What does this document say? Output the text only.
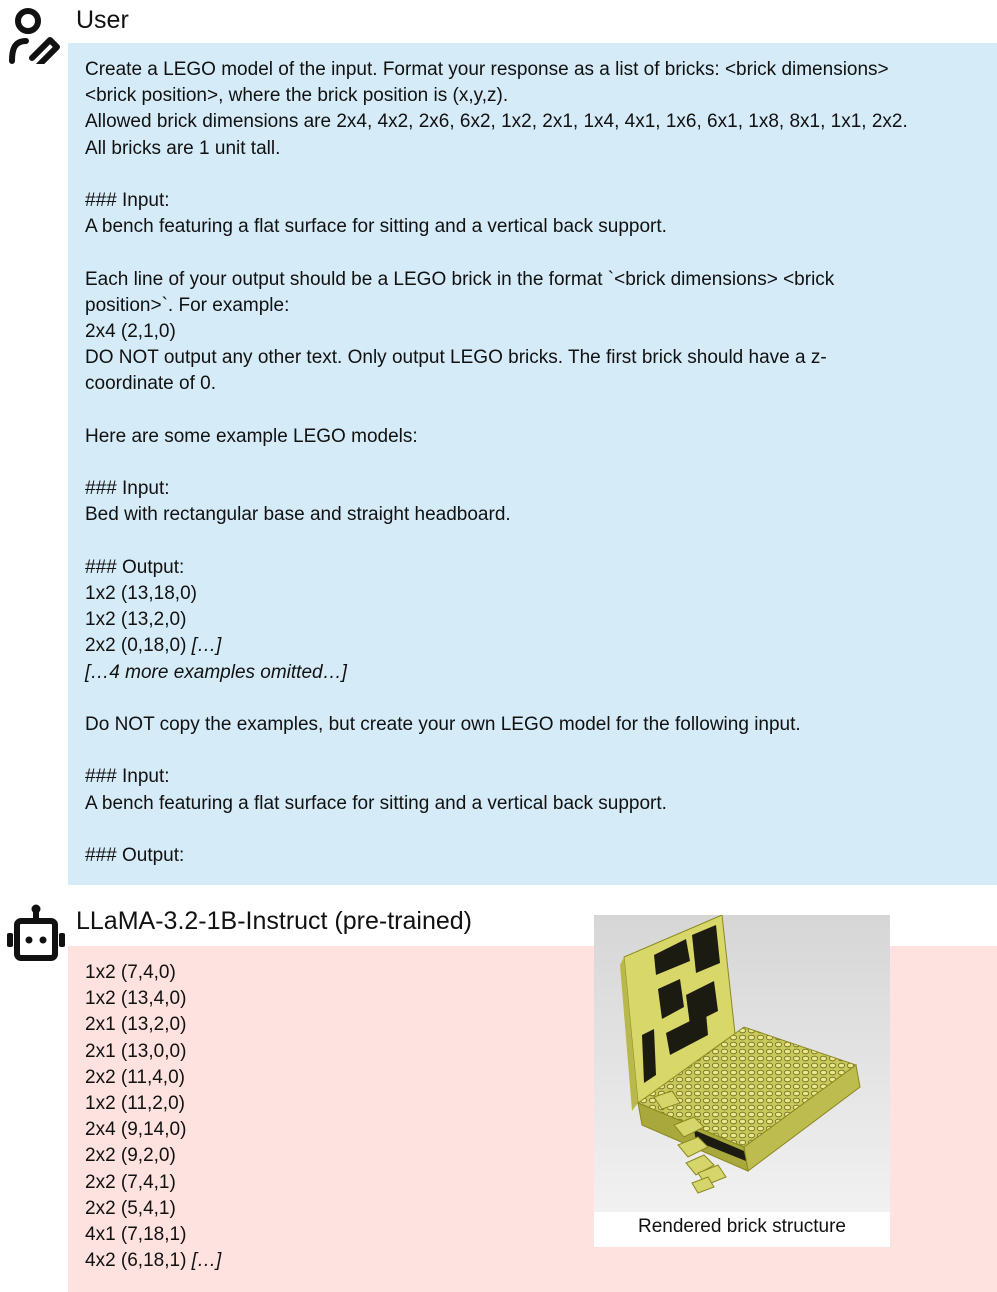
User
Create a LEGO model of the input. Format your response as a list of bricks: <brick dimensions>
<brick position>, where the brick position is (x,y,z).
Allowed brick dimensions are 2x4, 4x2, 2x6, 6x2, 1x2, 2x1, 1x4, 4x1, 1x6, 6x1, 1x8, 8x1, 1x1, 2x2.
All bricks are 1 unit tall.
### Input:
A bench featuring a flat surface for sitting and a vertical back support.
Each line of your output should be a LEGO brick in the format `<brick dimensions> <brick
position>`. For example:
2x4 (2,1,0)
DO NOT output any other text. Only output LEGO bricks. The first brick should have a z-
coordinate of 0.
Here are some example LEGO models:
### Input:
Bed with rectangular base and straight headboard.
### Output:
1x2 (13,18,0)
1x2 (13,2,0)
2x2 (0,18,0) […]
[…4 more examples omitted…]
Do NOT copy the examples, but create your own LEGO model for the following input.
### Input:
A bench featuring a flat surface for sitting and a vertical back support.
### Output:
LLaMA-3.2-1B-Instruct (pre-trained)
1x2 (7,4,0)
1x2 (13,4,0)
2x1 (13,2,0)
2x1 (13,0,0)
2x2 (11,4,0)
1x2 (11,2,0)
2x4 (9,14,0)
2x2 (9,2,0)
2x2 (7,4,1)
2x2 (5,4,1)
4x1 (7,18,1)
4x2 (6,18,1) […]
Rendered brick structure
